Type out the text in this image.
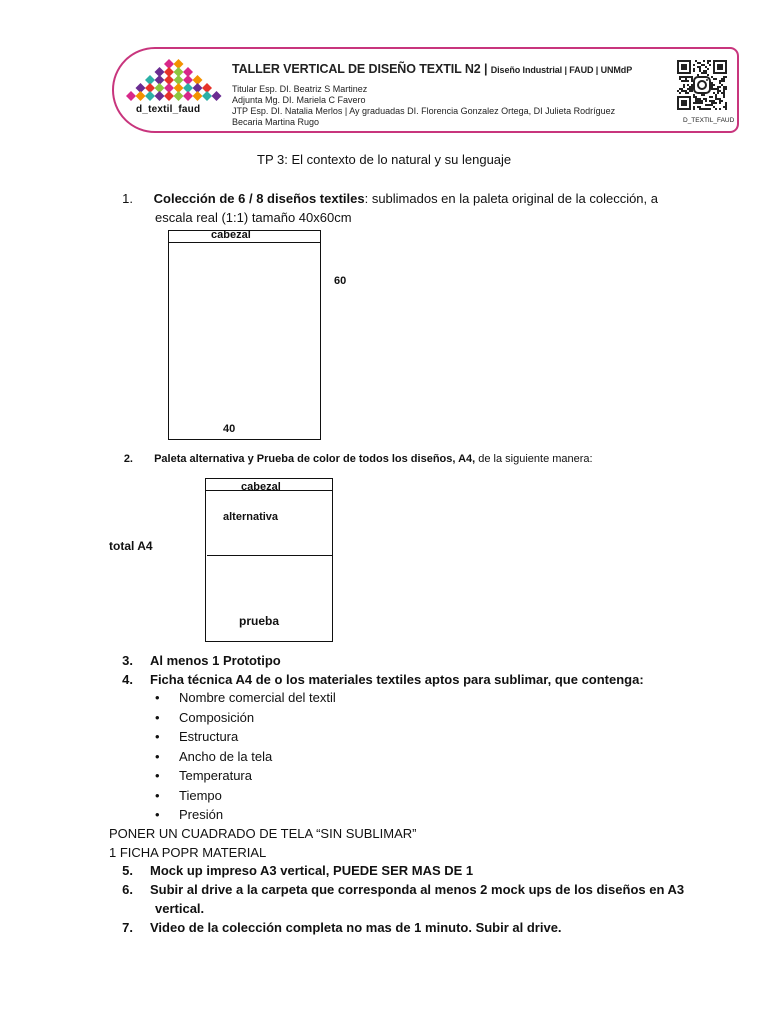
d_textil_faud
TALLER VERTICAL DE DISEÑO TEXTIL N2 | Diseño Industrial | FAUD | UNMdP
Titular Esp. DI. Beatriz S Martinez
Adjunta Mg. DI. Mariela C Favero
JTP Esp. DI. Natalia Merlos | Ay graduadas DI. Florencia Gonzalez Ortega, DI Julieta Rodríguez
Becaria Martina Rugo	D_TEXTIL_FAUD
TP 3: El contexto de lo natural y su lenguaje
1. Colección de 6 / 8 diseños textiles: sublimados en la paleta original de la colección, a
escala real (1:1) tamaño 40x60cm
cabezal
60
40
2. Paleta alternativa y Prueba de color de todos los diseños, A4, de la siguiente manera:
cabezal
alternativa
prueba
total A4
3. Al menos 1 Prototipo
4. Ficha técnica A4 de o los materiales textiles aptos para sublimar, que contenga:
• Nombre comercial del textil
• Composición
• Estructura
• Ancho de la tela
• Temperatura
• Tiempo
• Presión
PONER UN CUADRADO DE TELA “SIN SUBLIMAR”
1 FICHA POPR MATERIAL
5. Mock up impreso A3 vertical, PUEDE SER MAS DE 1
6. Subir al drive a la carpeta que corresponda al menos 2 mock ups de los diseños en A3
vertical.
7. Video de la colección completa no mas de 1 minuto. Subir al drive.
